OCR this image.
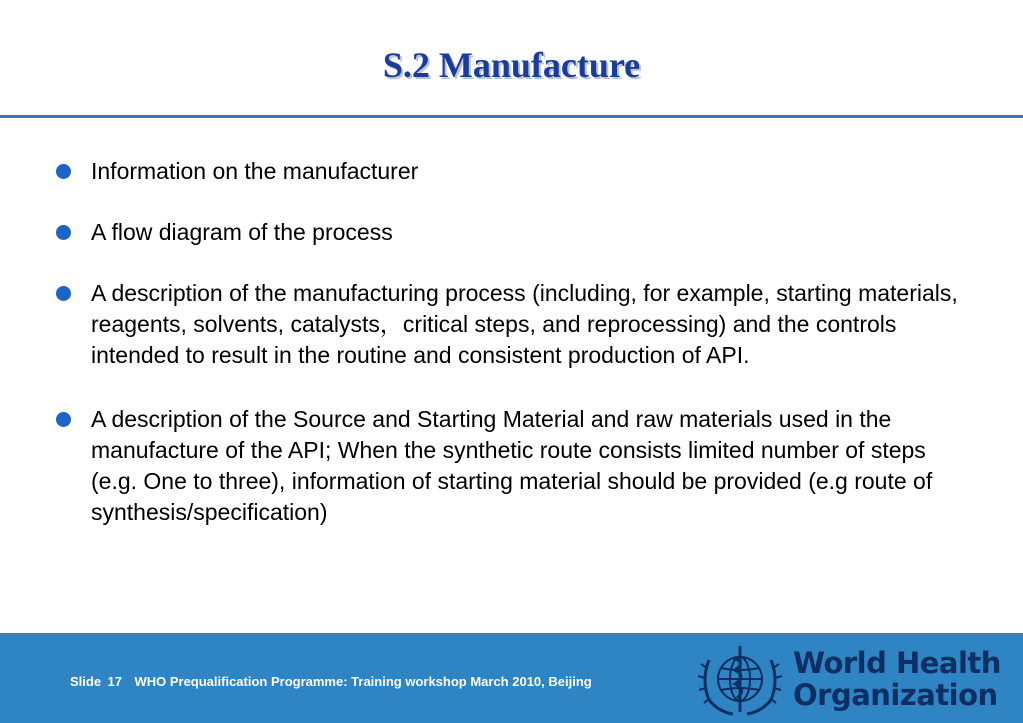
S.2 Manufacture
Information on the manufacturer
A flow diagram of the process
A description of the manufacturing process (including, for example, starting materials, reagents, solvents, catalysts，critical steps, and reprocessing) and the controls intended to result in the routine and consistent production of API.
A description of the Source and Starting Material and raw materials used in the manufacture of the API; When the synthetic route consists limited number of steps (e.g. One to three), information of starting material should be provided (e.g route of synthesis/specification)
Slide 17 WHO Prequalification Programme: Training workshop March 2010, Beijing
World Health
Organization
